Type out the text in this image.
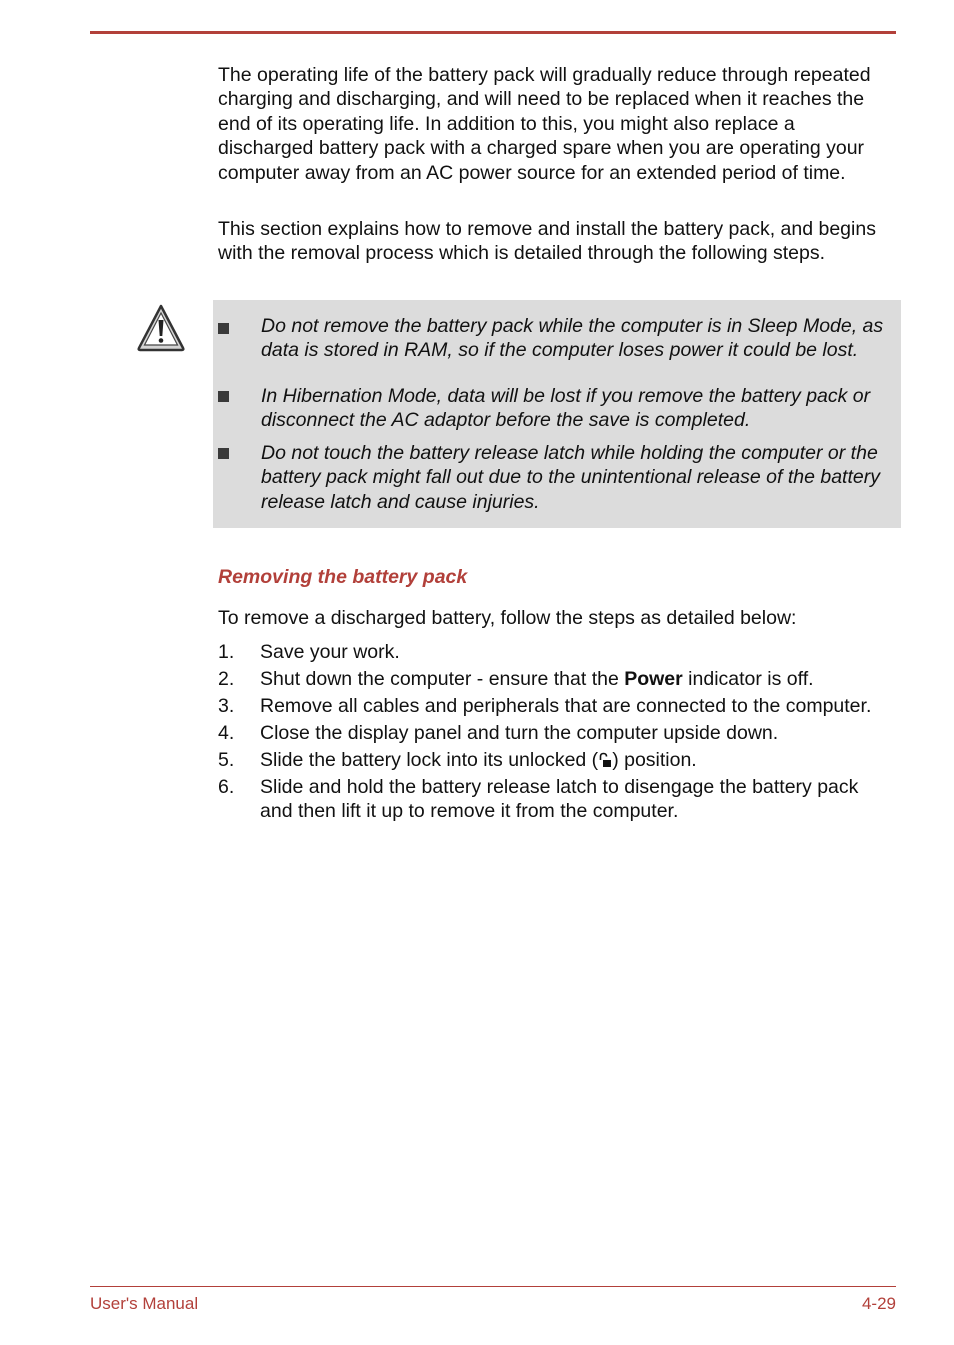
The operating life of the battery pack will gradually reduce through repeated charging and discharging, and will need to be replaced when it reaches the end of its operating life. In addition to this, you might also replace a discharged battery pack with a charged spare when you are operating your computer away from an AC power source for an extended period of time.

This section explains how to remove and install the battery pack, and begins with the removal process which is detailed through the following steps.

Do not remove the battery pack while the computer is in Sleep Mode, as data is stored in RAM, so if the computer loses power it could be lost.
In Hibernation Mode, data will be lost if you remove the battery pack or disconnect the AC adaptor before the save is completed.
Do not touch the battery release latch while holding the computer or the battery pack might fall out due to the unintentional release of the battery release latch and cause injuries.
Removing the battery pack

To remove a discharged battery, follow the steps as detailed below:

1. Save your work.
2. Shut down the computer - ensure that the Power indicator is off.
3. Remove all cables and peripherals that are connected to the computer.
4. Close the display panel and turn the computer upside down.
5. Slide the battery lock into its unlocked ( ) position.
6. Slide and hold the battery release latch to disengage the battery pack and then lift it up to remove it from the computer.
User's Manual	4-29
